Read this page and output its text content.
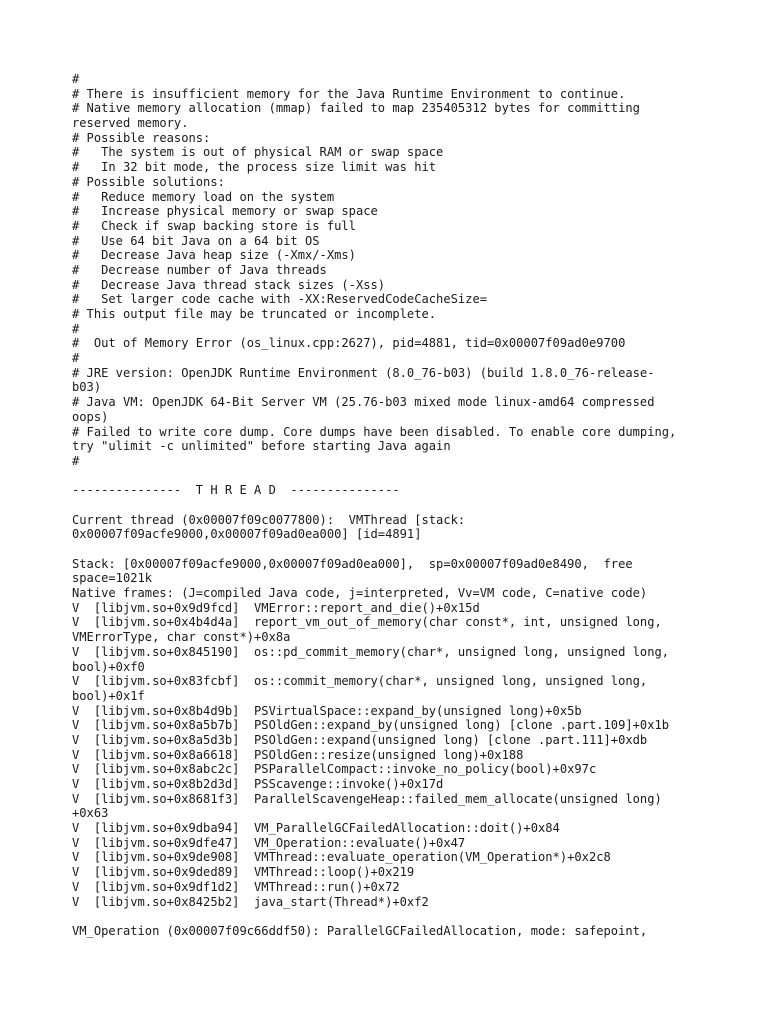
#
# There is insufficient memory for the Java Runtime Environment to continue.
# Native memory allocation (mmap) failed to map 235405312 bytes for committing
reserved memory.
# Possible reasons:
#   The system is out of physical RAM or swap space
#   In 32 bit mode, the process size limit was hit
# Possible solutions:
#   Reduce memory load on the system
#   Increase physical memory or swap space
#   Check if swap backing store is full
#   Use 64 bit Java on a 64 bit OS
#   Decrease Java heap size (-Xmx/-Xms)
#   Decrease number of Java threads
#   Decrease Java thread stack sizes (-Xss)
#   Set larger code cache with -XX:ReservedCodeCacheSize=
# This output file may be truncated or incomplete.
#
#  Out of Memory Error (os_linux.cpp:2627), pid=4881, tid=0x00007f09ad0e9700
#
# JRE version: OpenJDK Runtime Environment (8.0_76-b03) (build 1.8.0_76-release-
b03)
# Java VM: OpenJDK 64-Bit Server VM (25.76-b03 mixed mode linux-amd64 compressed
oops)
# Failed to write core dump. Core dumps have been disabled. To enable core dumping,
try "ulimit -c unlimited" before starting Java again
#
---------------  T H R E A D  ---------------
Current thread (0x00007f09c0077800):  VMThread [stack:
0x00007f09acfe9000,0x00007f09ad0ea000] [id=4891]
Stack: [0x00007f09acfe9000,0x00007f09ad0ea000],  sp=0x00007f09ad0e8490,  free
space=1021k
Native frames: (J=compiled Java code, j=interpreted, Vv=VM code, C=native code)
V  [libjvm.so+0x9d9fcd]  VMError::report_and_die()+0x15d
V  [libjvm.so+0x4b4d4a]  report_vm_out_of_memory(char const*, int, unsigned long,
VMErrorType, char const*)+0x8a
V  [libjvm.so+0x845190]  os::pd_commit_memory(char*, unsigned long, unsigned long,
bool)+0xf0
V  [libjvm.so+0x83fcbf]  os::commit_memory(char*, unsigned long, unsigned long,
bool)+0x1f
V  [libjvm.so+0x8b4d9b]  PSVirtualSpace::expand_by(unsigned long)+0x5b
V  [libjvm.so+0x8a5b7b]  PSOldGen::expand_by(unsigned long) [clone .part.109]+0x1b
V  [libjvm.so+0x8a5d3b]  PSOldGen::expand(unsigned long) [clone .part.111]+0xdb
V  [libjvm.so+0x8a6618]  PSOldGen::resize(unsigned long)+0x188
V  [libjvm.so+0x8abc2c]  PSParallelCompact::invoke_no_policy(bool)+0x97c
V  [libjvm.so+0x8b2d3d]  PSScavenge::invoke()+0x17d
V  [libjvm.so+0x8681f3]  ParallelScavengeHeap::failed_mem_allocate(unsigned long)
+0x63
V  [libjvm.so+0x9dba94]  VM_ParallelGCFailedAllocation::doit()+0x84
V  [libjvm.so+0x9dfe47]  VM_Operation::evaluate()+0x47
V  [libjvm.so+0x9de908]  VMThread::evaluate_operation(VM_Operation*)+0x2c8
V  [libjvm.so+0x9ded89]  VMThread::loop()+0x219
V  [libjvm.so+0x9df1d2]  VMThread::run()+0x72
V  [libjvm.so+0x8425b2]  java_start(Thread*)+0xf2
VM_Operation (0x00007f09c66ddf50): ParallelGCFailedAllocation, mode: safepoint,
